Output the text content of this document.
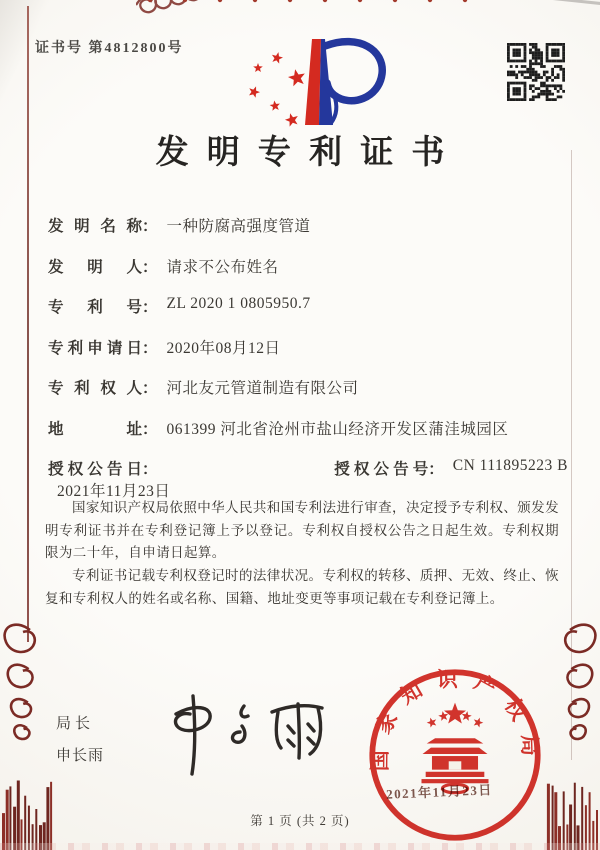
证书号 第4812800号
发明专利证书
发明名称 ： 一种防腐高强度管道
发明人 ： 请求不公布姓名
专利号 ： ZL 2020 1 0805950.7
专利申请日 ： 2020年08月12日
专利权人 ： 河北友元管道制造有限公司
地址 ： 061399 河北省沧州市盐山经济开发区蒲洼城园区
授权公告日： 2021年11月23日
授权公告号 ： CN 111895223 B

国家知识产权局依照中华人民共和国专利法进行审查，决定授予专利权、颁发发明专利证书并在专利登记簿上予以登记。专利权自授权公告之日起生效。专利权期限为二十年，自申请日起算。

专利证书记载专利权登记时的法律状况。专利权的转移、质押、无效、终止、恢复和专利权人的姓名或名称、国籍、地址变更等事项记载在专利登记簿上。

局长
申长雨	国家知识产权局
2021年11月23日
第 1 页 (共 2 页)
